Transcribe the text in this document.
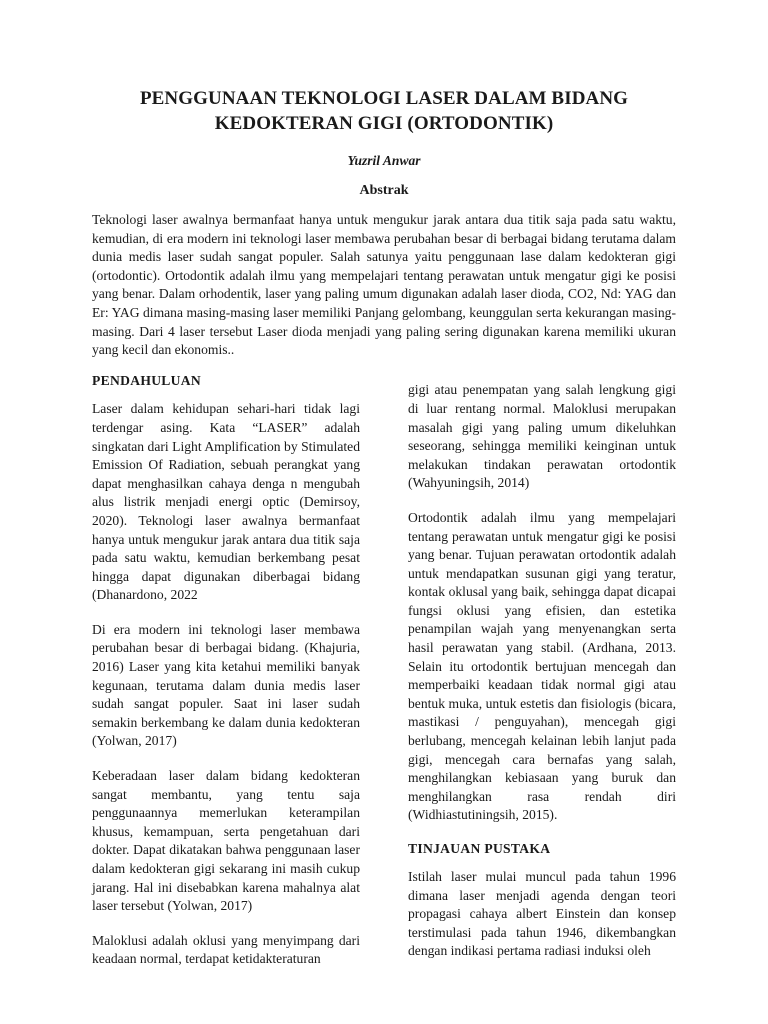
PENGGUNAAN TEKNOLOGI LASER DALAM BIDANG
KEDOKTERAN GIGI (ORTODONTIK)
Yuzril Anwar
Abstrak

Teknologi laser awalnya bermanfaat hanya untuk mengukur jarak antara dua titik saja pada satu waktu, kemudian, di era modern ini teknologi laser membawa perubahan besar di berbagai bidang terutama dalam dunia medis laser sudah sangat populer. Salah satunya yaitu penggunaan lase dalam kedokteran gigi (ortodontic). Ortodontik adalah ilmu yang mempelajari tentang perawatan untuk mengatur gigi ke posisi yang benar. Dalam orhodentik, laser yang paling umum digunakan adalah laser dioda, CO2, Nd: YAG dan Er: YAG dimana masing-masing laser memiliki Panjang gelombang, keunggulan serta kekurangan masing-masing. Dari 4 laser tersebut Laser dioda menjadi yang paling sering digunakan karena memiliki ukuran yang kecil dan ekonomis..

PENDAHULUAN

Laser dalam kehidupan sehari-hari tidak lagi terdengar asing. Kata “LASER” adalah singkatan dari Light Amplification by Stimulated Emission Of Radiation, sebuah perangkat yang dapat menghasilkan cahaya denga n mengubah alus listrik menjadi energi optic (Demirsoy, 2020). Teknologi laser awalnya bermanfaat hanya untuk mengukur jarak antara dua titik saja pada satu waktu, kemudian berkembang pesat hingga dapat digunakan diberbagai bidang (Dhanardono, 2022

Di era modern ini teknologi laser membawa perubahan besar di berbagai bidang. (Khajuria, 2016) Laser yang kita ketahui memiliki banyak kegunaan, terutama dalam dunia medis laser sudah sangat populer. Saat ini laser sudah semakin berkembang ke dalam dunia kedokteran (Yolwan, 2017)

Keberadaan laser dalam bidang kedokteran sangat membantu, yang tentu saja penggunaannya memerlukan keterampilan khusus, kemampuan, serta pengetahuan dari dokter. Dapat dikatakan bahwa penggunaan laser dalam kedokteran gigi sekarang ini masih cukup jarang. Hal ini disebabkan karena mahalnya alat laser tersebut (Yolwan, 2017)

Maloklusi adalah oklusi yang menyimpang dari keadaan normal, terdapat ketidakteraturan

gigi atau penempatan yang salah lengkung gigi di luar rentang normal. Maloklusi merupakan masalah gigi yang paling umum dikeluhkan seseorang, sehingga memiliki keinginan untuk melakukan tindakan perawatan ortodontik (Wahyuningsih, 2014)

Ortodontik adalah ilmu yang mempelajari tentang perawatan untuk mengatur gigi ke posisi yang benar. Tujuan perawatan ortodontik adalah untuk mendapatkan susunan gigi yang teratur, kontak oklusal yang baik, sehingga dapat dicapai fungsi oklusi yang efisien, dan estetika penampilan wajah yang menyenangkan serta hasil perawatan yang stabil. (Ardhana, 2013. Selain itu ortodontik bertujuan mencegah dan memperbaiki keadaan tidak normal gigi atau bentuk muka, untuk estetis dan fisiologis (bicara, mastikasi / penguyahan), mencegah gigi berlubang, mencegah kelainan lebih lanjut pada gigi, mencegah cara bernafas yang salah, menghilangkan kebiasaan yang buruk dan menghilangkan rasa rendah diri (Widhiastutiningsih, 2015).

TINJAUAN PUSTAKA

Istilah laser mulai muncul pada tahun 1996 dimana laser menjadi agenda dengan teori propagasi cahaya albert Einstein dan konsep terstimulasi pada tahun 1946, dikembangkan dengan indikasi pertama radiasi induksi oleh
